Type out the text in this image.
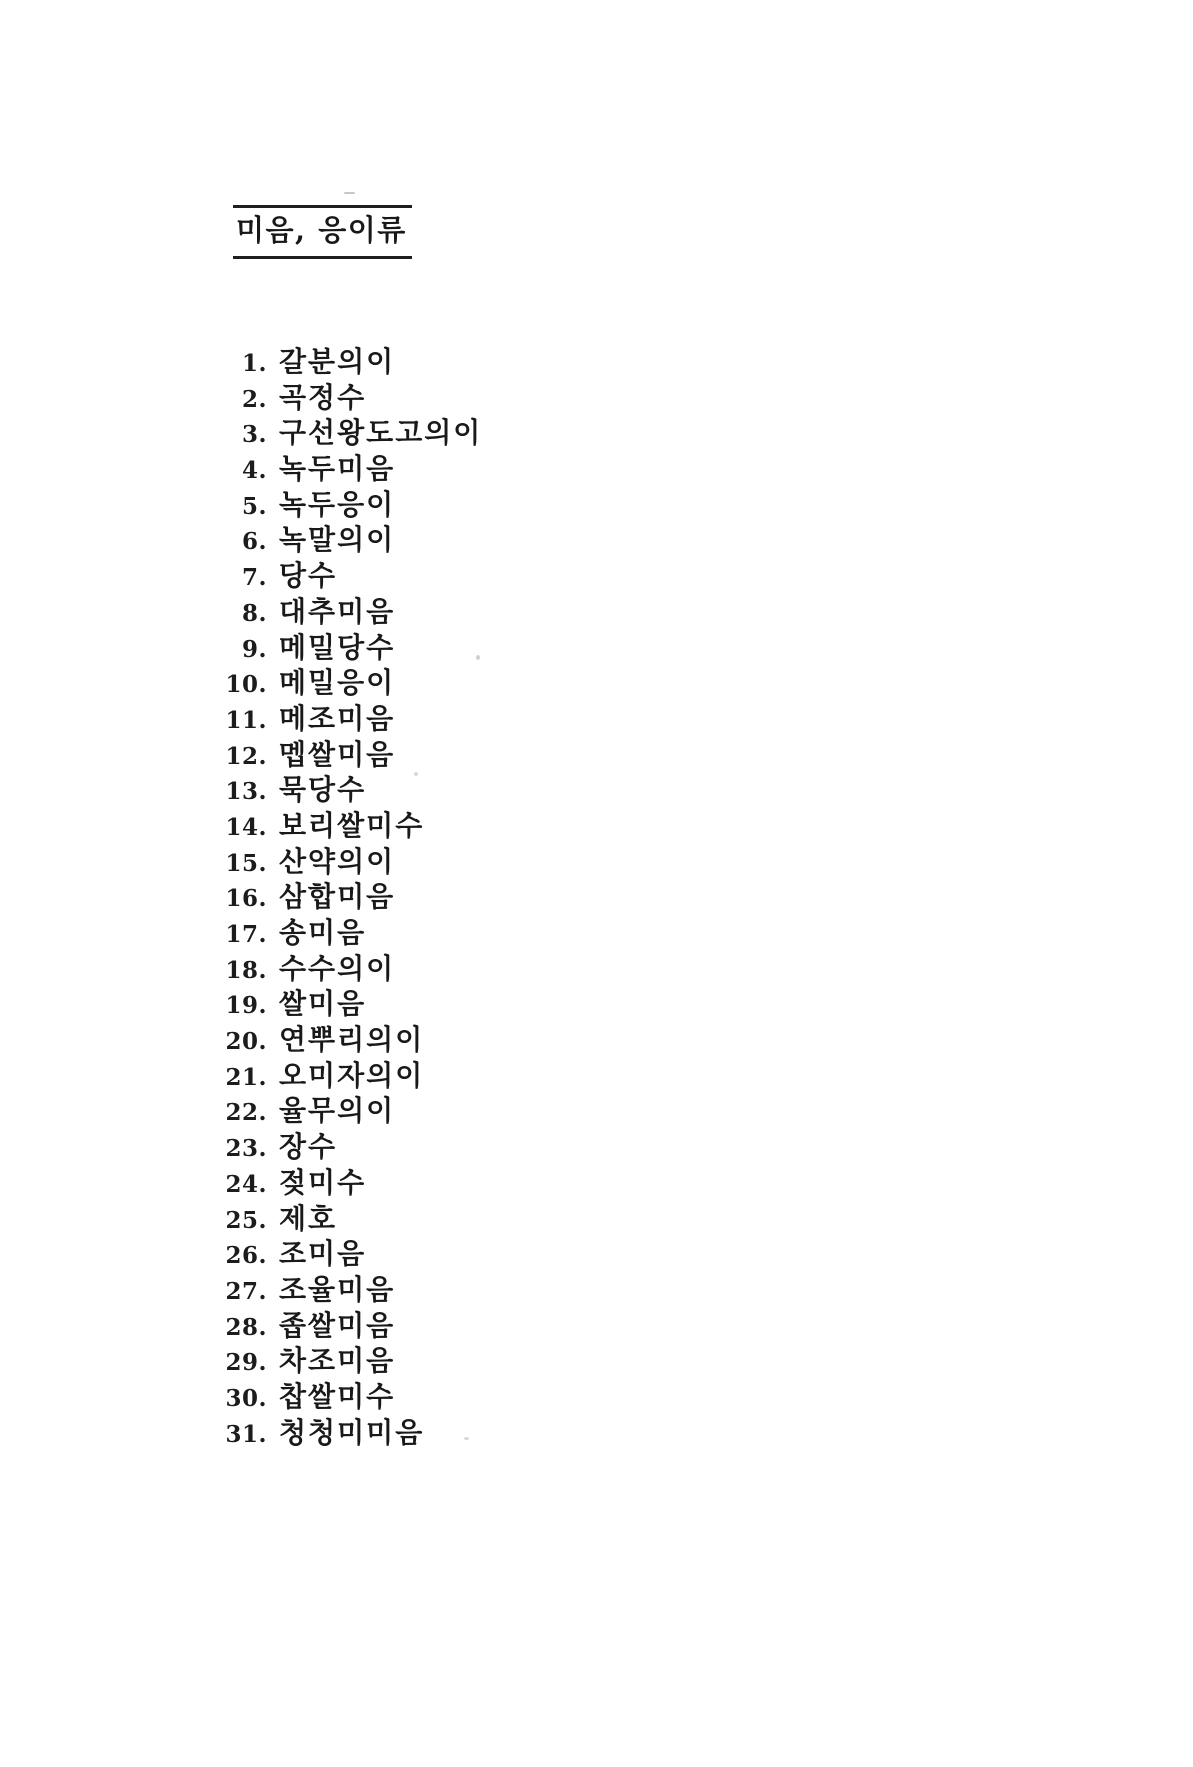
미음, 응이류
1. 갈분의이
2. 곡정수
3. 구선왕도고의이
4. 녹두미음
5. 녹두응이
6. 녹말의이
7. 당수
8. 대추미음
9. 메밀당수
10. 메밀응이
11. 메조미음
12. 멥쌀미음
13. 묵당수
14. 보리쌀미수
15. 산약의이
16. 삼합미음
17. 송미음
18. 수수의이
19. 쌀미음
20. 연뿌리의이
21. 오미자의이
22. 율무의이
23. 장수
24. 젖미수
25. 제호
26. 조미음
27. 조율미음
28. 좁쌀미음
29. 차조미음
30. 찹쌀미수
31. 청청미미음
